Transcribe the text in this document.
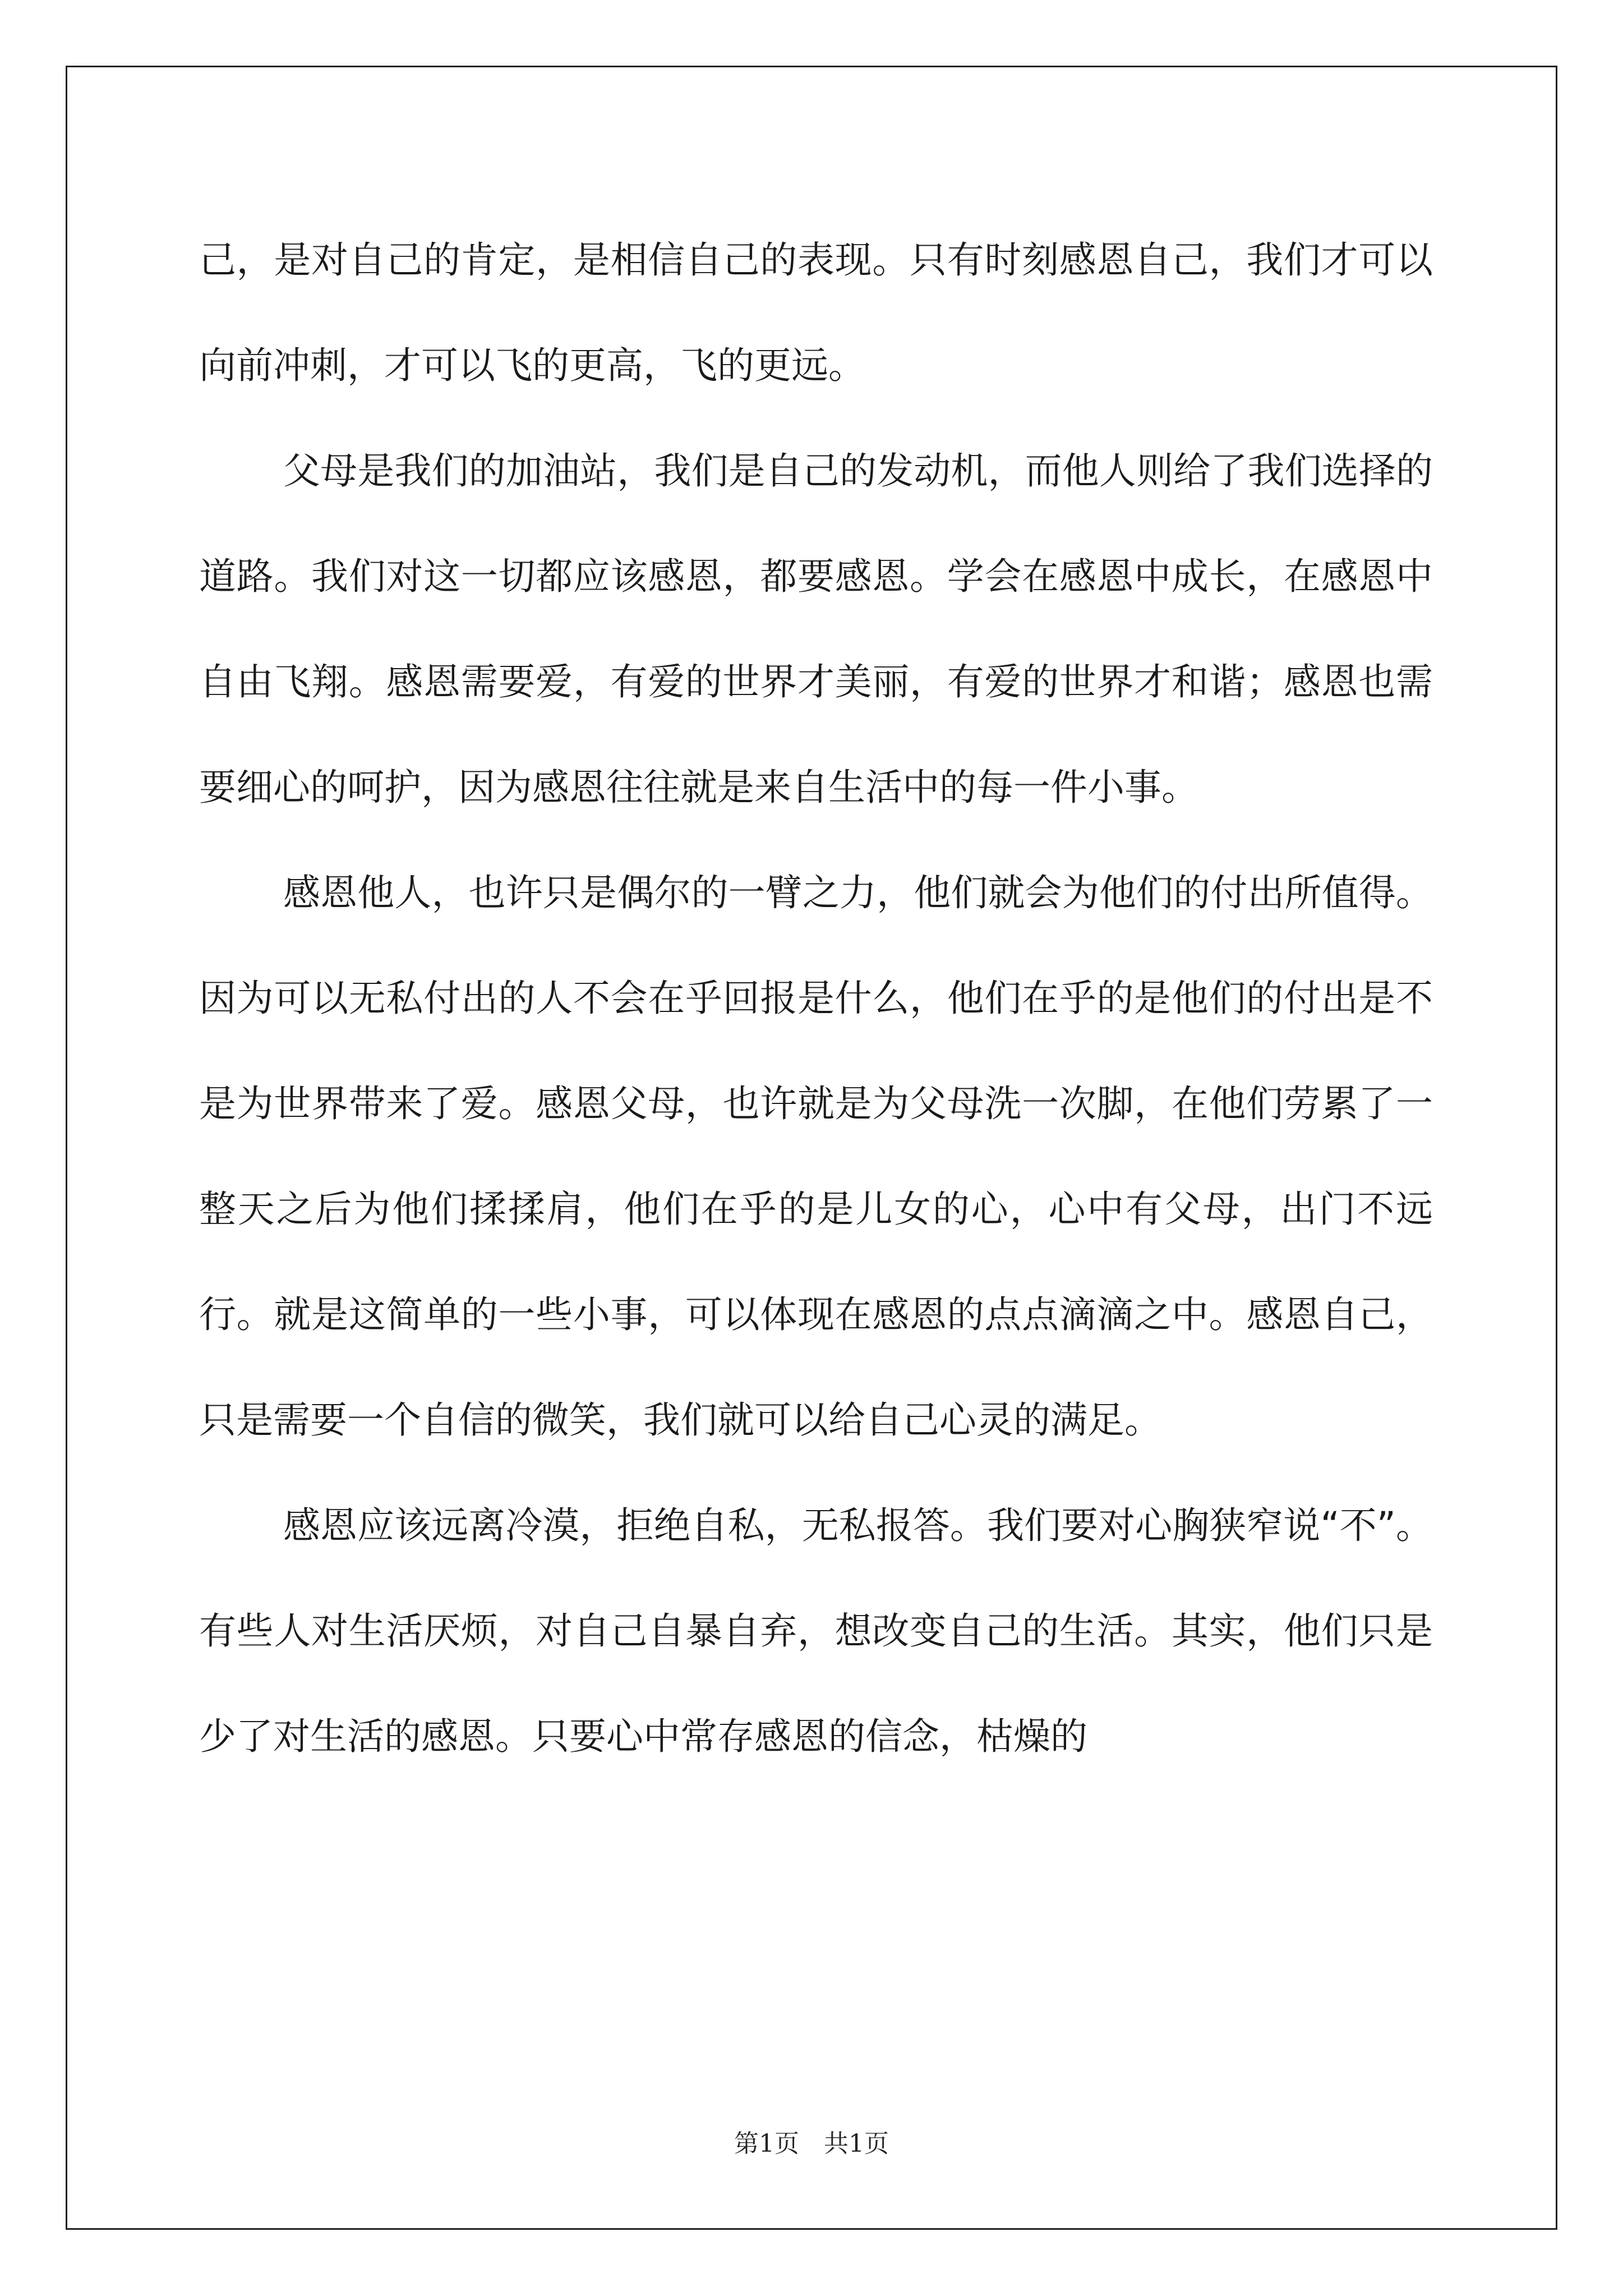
己，是对自己的肯定，是相信自己的表现。只有时刻感恩自己，我们才可以向前冲刺，才可以飞的更高，飞的更远。

父母是我们的加油站，我们是自己的发动机，而他人则给了我们选择的道路。我们对这一切都应该感恩，都要感恩。学会在感恩中成长，在感恩中自由飞翔。感恩需要爱，有爱的世界才美丽，有爱的世界才和谐；感恩也需要细心的呵护，因为感恩往往就是来自生活中的每一件小事。

感恩他人，也许只是偶尔的一臂之力，他们就会为他们的付出所值得。因为可以无私付出的人不会在乎回报是什么，他们在乎的是他们的付出是不是为世界带来了爱。感恩父母，也许就是为父母洗一次脚，在他们劳累了一整天之后为他们揉揉肩，他们在乎的是儿女的心，心中有父母，出门不远行。就是这简单的一些小事，可以体现在感恩的点点滴滴之中。感恩自己，只是需要一个自信的微笑，我们就可以给自己心灵的满足。

感恩应该远离冷漠，拒绝自私，无私报答。我们要对心胸狭窄说“不”。有些人对生活厌烦，对自己自暴自弃，想改变自己的生活。其实，他们只是少了对生活的感恩。只要心中常存感恩的信念，枯燥的

第1页　共1页
